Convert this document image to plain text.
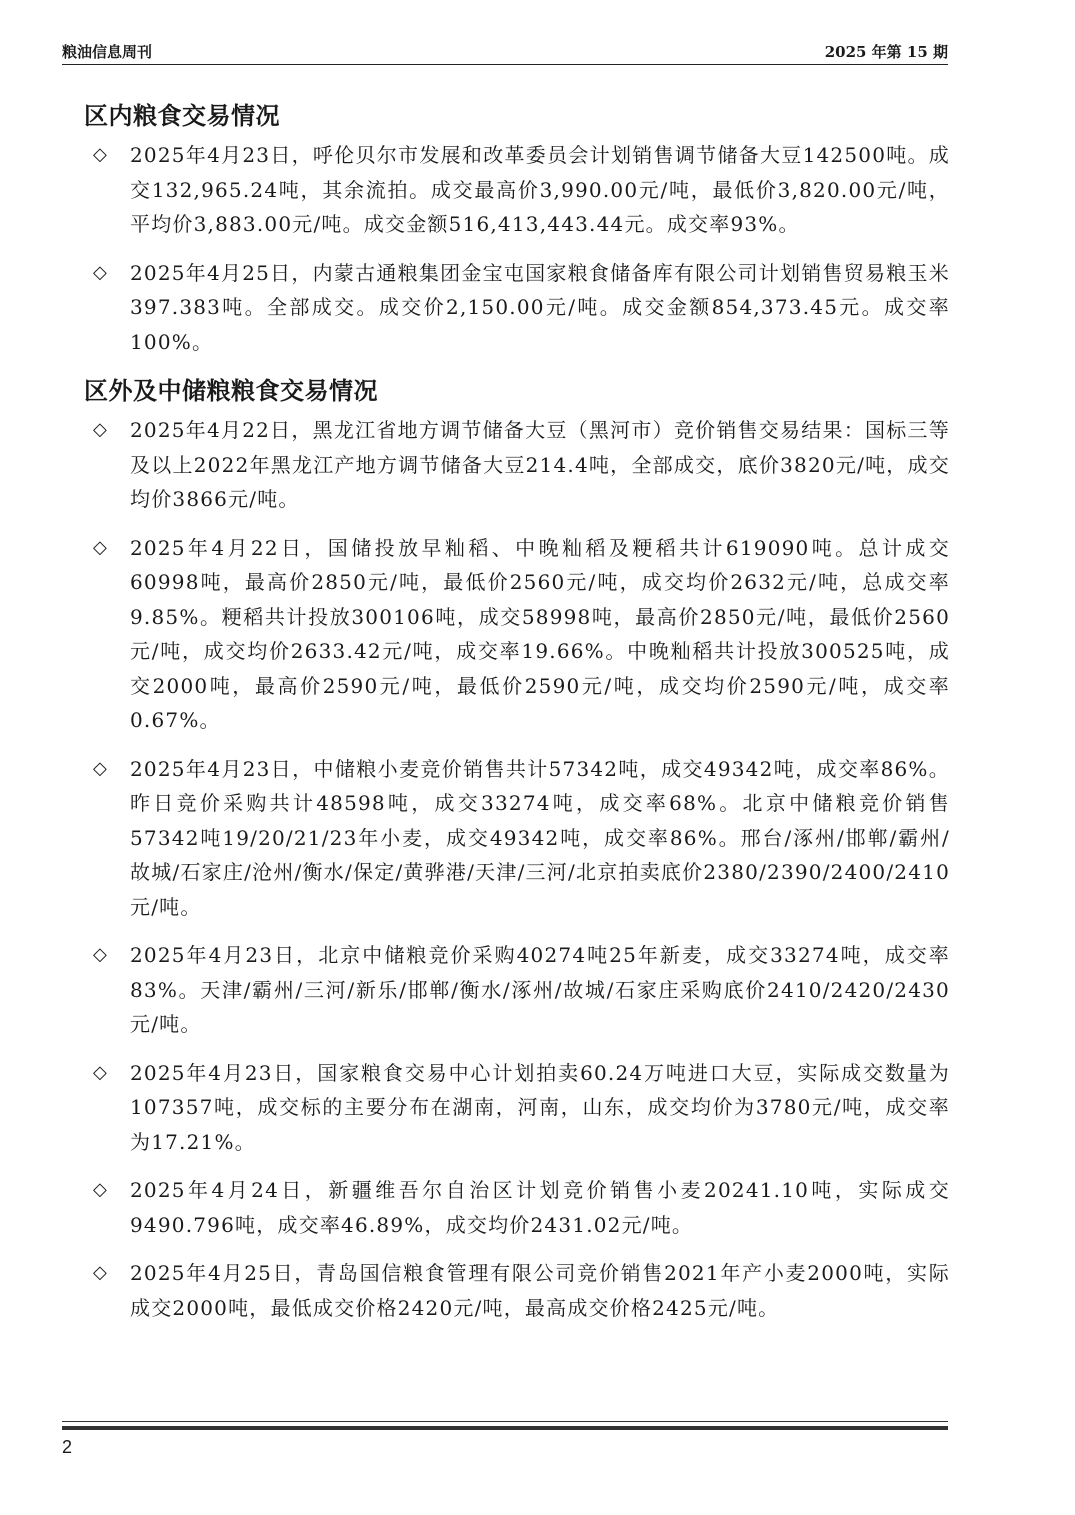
粮油信息周刊	2025 年第 15 期
区内粮食交易情况
◇ 2025年4月23日，呼伦贝尔市发展和改革委员会计划销售调节储备大豆142500吨。成交132,965.24吨，其余流拍。成交最高价3,990.00元/吨，最低价3,820.00元/吨，平均价3,883.00元/吨。成交金额516,413,443.44元。成交率93%。
◇ 2025年4月25日，内蒙古通粮集团金宝屯国家粮食储备库有限公司计划销售贸易粮玉米397.383吨。全部成交。成交价2,150.00元/吨。成交金额854,373.45元。成交率100%。
区外及中储粮粮食交易情况
◇ 2025年4月22日，黑龙江省地方调节储备大豆（黑河市）竞价销售交易结果：国标三等及以上2022年黑龙江产地方调节储备大豆214.4吨，全部成交，底价3820元/吨，成交均价3866元/吨。
◇ 2025年4月22日，国储投放早籼稻、中晚籼稻及粳稻共计619090吨。总计成交60998吨，最高价2850元/吨，最低价2560元/吨，成交均价2632元/吨，总成交率9.85%。粳稻共计投放300106吨，成交58998吨，最高价2850元/吨，最低价2560元/吨，成交均价2633.42元/吨，成交率19.66%。中晚籼稻共计投放300525吨，成交2000吨，最高价2590元/吨，最低价2590元/吨，成交均价2590元/吨，成交率0.67%。
◇ 2025年4月23日，中储粮小麦竞价销售共计57342吨，成交49342吨，成交率86%。昨日竞价采购共计48598吨，成交33274吨，成交率68%。北京中储粮竞价销售57342吨19/20/21/23年小麦，成交49342吨，成交率86%。邢台/涿州/邯郸/霸州/故城/石家庄/沧州/衡水/保定/黄骅港/天津/三河/北京拍卖底价2380/2390/2400/2410元/吨。
◇ 2025年4月23日，北京中储粮竞价采购40274吨25年新麦，成交33274吨，成交率83%。天津/霸州/三河/新乐/邯郸/衡水/涿州/故城/石家庄采购底价2410/2420/2430元/吨。
◇ 2025年4月23日，国家粮食交易中心计划拍卖60.24万吨进口大豆，实际成交数量为107357吨，成交标的主要分布在湖南，河南，山东，成交均价为3780元/吨，成交率为17.21%。
◇ 2025年4月24日，新疆维吾尔自治区计划竞价销售小麦20241.10吨，实际成交9490.796吨，成交率46.89%，成交均价2431.02元/吨。
◇ 2025年4月25日，青岛国信粮食管理有限公司竞价销售2021年产小麦2000吨，实际成交2000吨，最低成交价格2420元/吨，最高成交价格2425元/吨。
2
